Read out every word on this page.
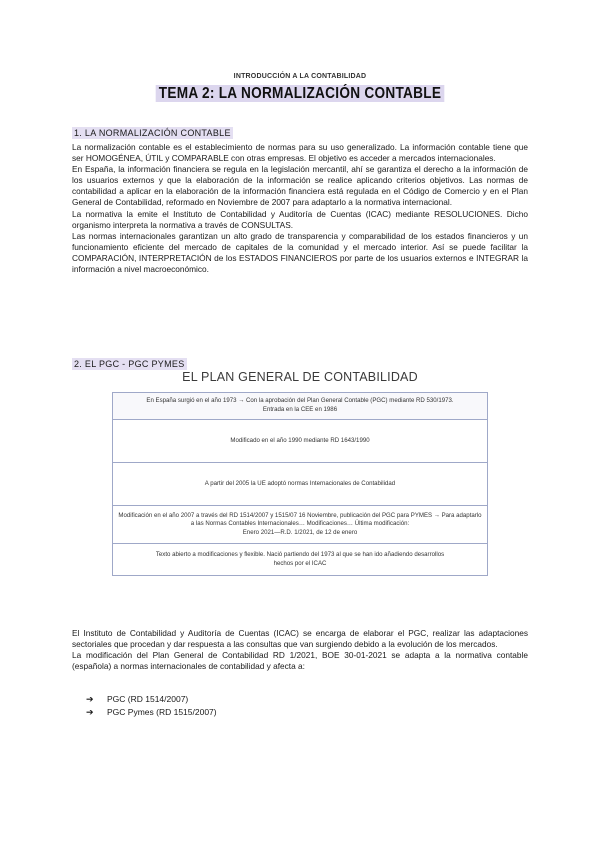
INTRODUCCIÓN A LA CONTABILIDAD
TEMA 2: LA NORMALIZACIÓN CONTABLE
1. LA NORMALIZACIÓN CONTABLE

La normalización contable es el establecimiento de normas para su uso generalizado. La información contable tiene que ser HOMOGÉNEA, ÚTIL y COMPARABLE con otras empresas. El objetivo es acceder a mercados internacionales.

En España, la información financiera se regula en la legislación mercantil, ahí se garantiza el derecho a la información de los usuarios externos y que la elaboración de la información se realice aplicando criterios objetivos. Las normas de contabilidad a aplicar en la elaboración de la información financiera está regulada en el Código de Comercio y en el Plan General de Contabilidad, reformado en Noviembre de 2007 para adaptarlo a la normativa internacional.

La normativa la emite el Instituto de Contabilidad y Auditoría de Cuentas (ICAC) mediante RESOLUCIONES. Dicho organismo interpreta la normativa a través de CONSULTAS.

Las normas internacionales garantizan un alto grado de transparencia y comparabilidad de los estados financieros y un funcionamiento eficiente del mercado de capitales de la comunidad y el mercado interior. Así se puede facilitar la COMPARACIÓN, INTERPRETACIÓN de los ESTADOS FINANCIEROS por parte de los usuarios externos e INTEGRAR la información a nivel macroeconómico.

2. EL PGC - PGC PYMES
EL PLAN GENERAL DE CONTABILIDAD
En España surgió en el año 1973 → Con la aprobación del Plan General Contable (PGC) mediante RD 530/1973.
Entrada en la CEE en 1986

Modificado en el año 1990 mediante RD 1643/1990

A partir del 2005 la UE adoptó normas Internacionales de Contabilidad

Modificación en el año 2007 a través del RD 1514/2007 y 1515/07 16 Noviembre, publicación del PGC para PYMES → Para adaptarlo a las Normas Contables Internacionales… Modificaciones… Última modificación:
Enero 2021—R.D. 1/2021, de 12 de enero

Texto abierto a modificaciones y flexible. Nació partiendo del 1973 al que se han ido añadiendo desarrollos
hechos por el ICAC

El Instituto de Contabilidad y Auditoría de Cuentas (ICAC) se encarga de elaborar el PGC, realizar las adaptaciones sectoriales que procedan y dar respuesta a las consultas que van surgiendo debido a la evolución de los mercados.

La modificación del Plan General de Contabilidad RD 1/2021, BOE 30-01-2021 se adapta a la normativa contable (española) a normas internacionales de contabilidad y afecta a:

➔	PGC (RD 1514/2007)
➔	PGC Pymes (RD 1515/2007)
